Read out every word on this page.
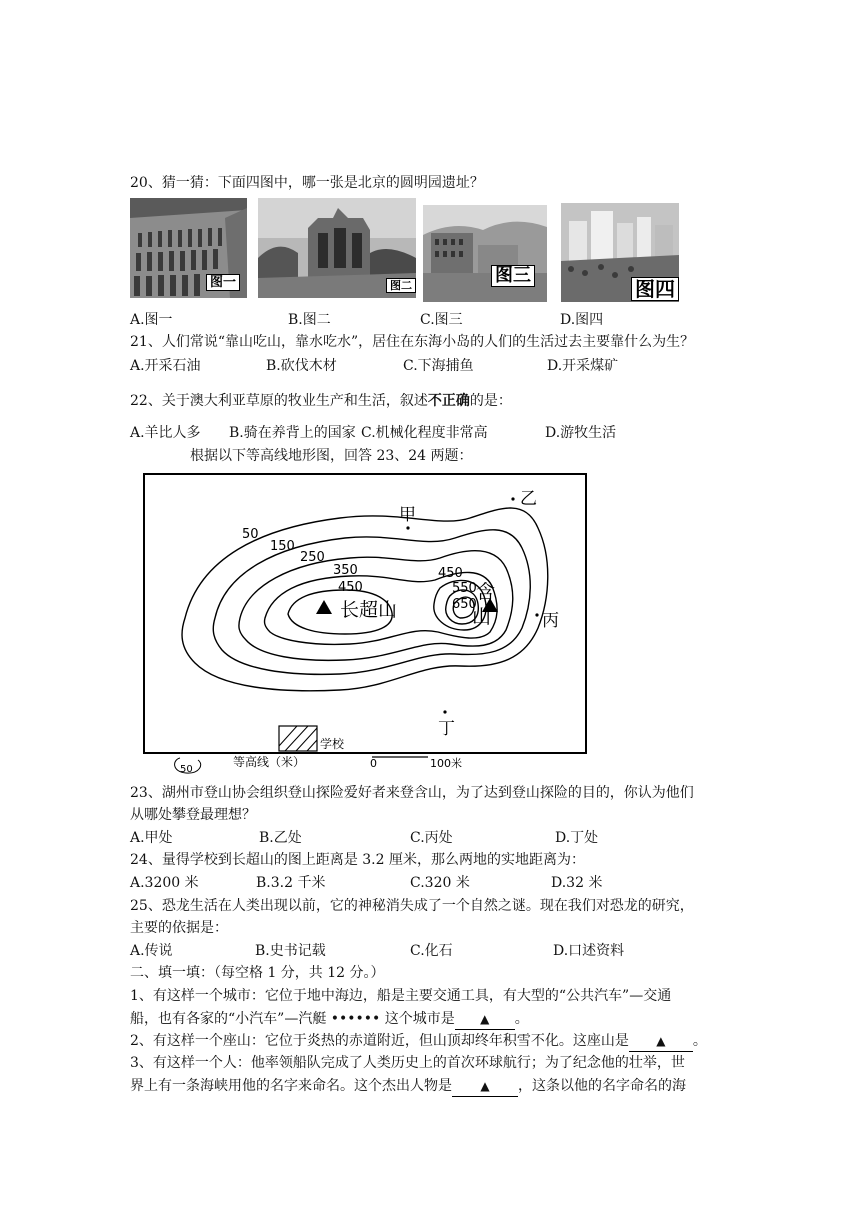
20、猜一猜：下面四图中，哪一张是北京的圆明园遗址？
图一	图二	图三
图四
A.图一	B.图二	C.图三	D.图四
21、人们常说“靠山吃山，靠水吃水”，居住在东海小岛的人们的生活过去主要靠什么为生？
A.开采石油	B.砍伐木材	C.下海捕鱼	D.开采煤矿
22、关于澳大利亚草原的牧业生产和生活，叙述不正确的是：
A.羊比人多 B.骑在养背上的国家 C.机械化程度非常高	D.游牧生活
根据以下等高线地形图，回答 23、24 两题：
50
150
250
350
450
450
550
650
长超山
含
山
甲
乙
丙
丁
50
等高线（米）
学校
0	100米
23、湖州市登山协会组织登山探险爱好者来登含山，为了达到登山探险的目的，你认为他们
从哪处攀登最理想？
A.甲处	B.乙处	C.丙处	D.丁处
24、量得学校到长超山的图上距离是 3.2 厘米，那么两地的实地距离为：
A.3200 米	B.3.2 千米	C.320 米	D.32 米
25、恐龙生活在人类出现以前，它的神秘消失成了一个自然之谜。现在我们对恐龙的研究，
主要的依据是：
A.传说	B.史书记载	C.化石	D.口述资料
二、填一填：（每空格 1 分，共 12 分。）
1、有这样一个城市：它位于地中海边，船是主要交通工具，有大型的“公共汽车”—交通
船，也有各家的“小汽车”—汽艇 •••••• 这个城市是 ▲ 。
2、有这样一个座山：它位于炎热的赤道附近，但山顶却终年积雪不化。这座山是 ▲ 。
3、有这样一个人：他率领船队完成了人类历史上的首次环球航行；为了纪念他的壮举，世
界上有一条海峡用他的名字来命名。这个杰出人物是 ▲ ，这条以他的名字命名的海
